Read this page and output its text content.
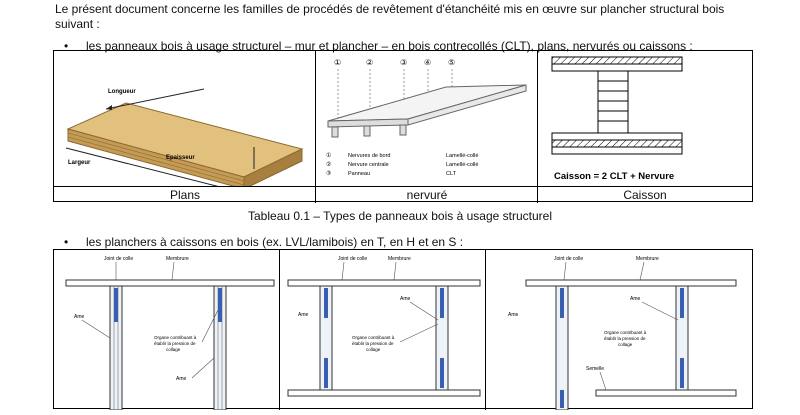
Le présent document concerne les familles de procédés de revêtement d'étanchéité mis en œuvre sur plancher structural bois suivant :
• les panneaux bois à usage structurel – mur et plancher – en bois contrecollés (CLT), plans, nervurés ou caissons :
Longueur
Largeur
Epaisseur
Plans
①	②	③ ④ ⑤
①	Nervures de bord	Lamellé-collé
②	Nervure centrale	Lamellé-collé
③	Panneau	CLT
nervuré
Caisson = 2 CLT + Nervure
Caisson
Tableau 0.1 – Types de panneaux bois à usage structurel
• les planchers à caissons en bois (ex. LVL/lamibois) en T, en H et en S :
Joint de colle	Membrure
Ame
Organe contribuant à
établir la pression de
collage
Ame
Joint de colle	Membrure
Ame
Ame
Organe contribuant à
établir la pression de
collage
Joint de colle	Membrure
Ame
Ame
Organe contribuant à
établir la pression de
collage
Semelle
